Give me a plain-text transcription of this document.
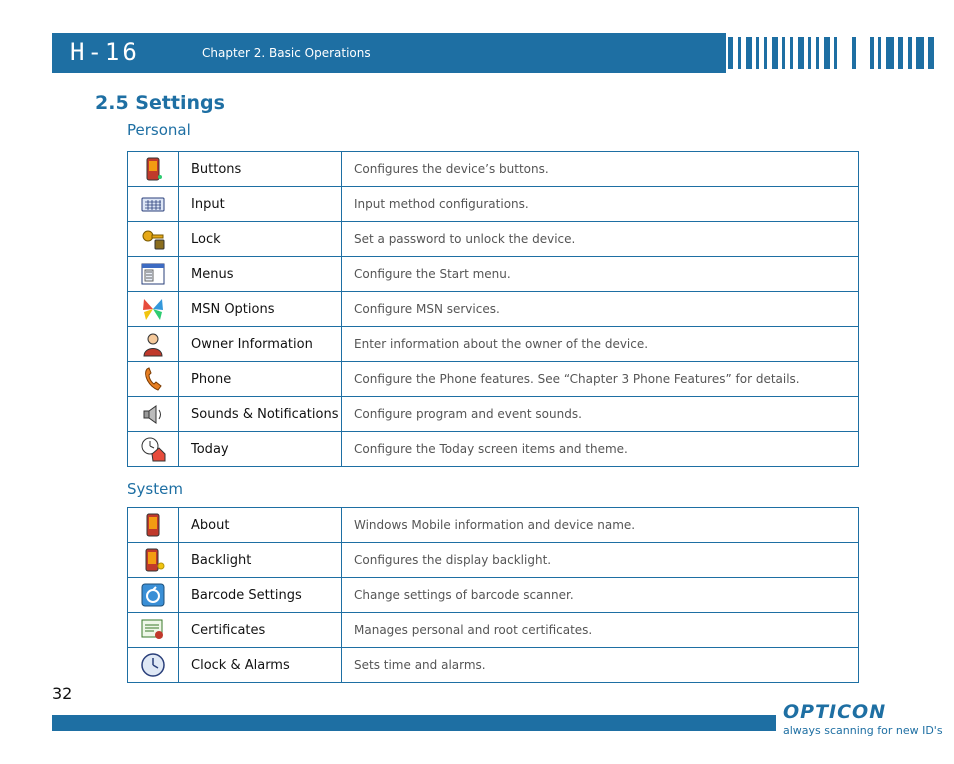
H-16	Chapter 2. Basic Operations
2.5 Settings
Personal
	Buttons	Configures the device’s buttons.
	Input	Input method configurations.
	Lock	Set a password to unlock the device.
	Menus	Configure the Start menu.
	MSN Options	Configure MSN services.
	Owner Information	Enter information about the owner of the device.
	Phone	Configure the Phone features. See “Chapter 3 Phone Features” for details.
	Sounds & Notifications	Configure program and event sounds.
	Today	Configure the Today screen items and theme.
System
	About	Windows Mobile information and device name.
	Backlight	Configures the display backlight.
	Barcode Settings	Change settings of barcode scanner.
	Certificates	Manages personal and root certificates.
	Clock & Alarms	Sets time and alarms.
32
OPTICON
always scanning for new ID's
